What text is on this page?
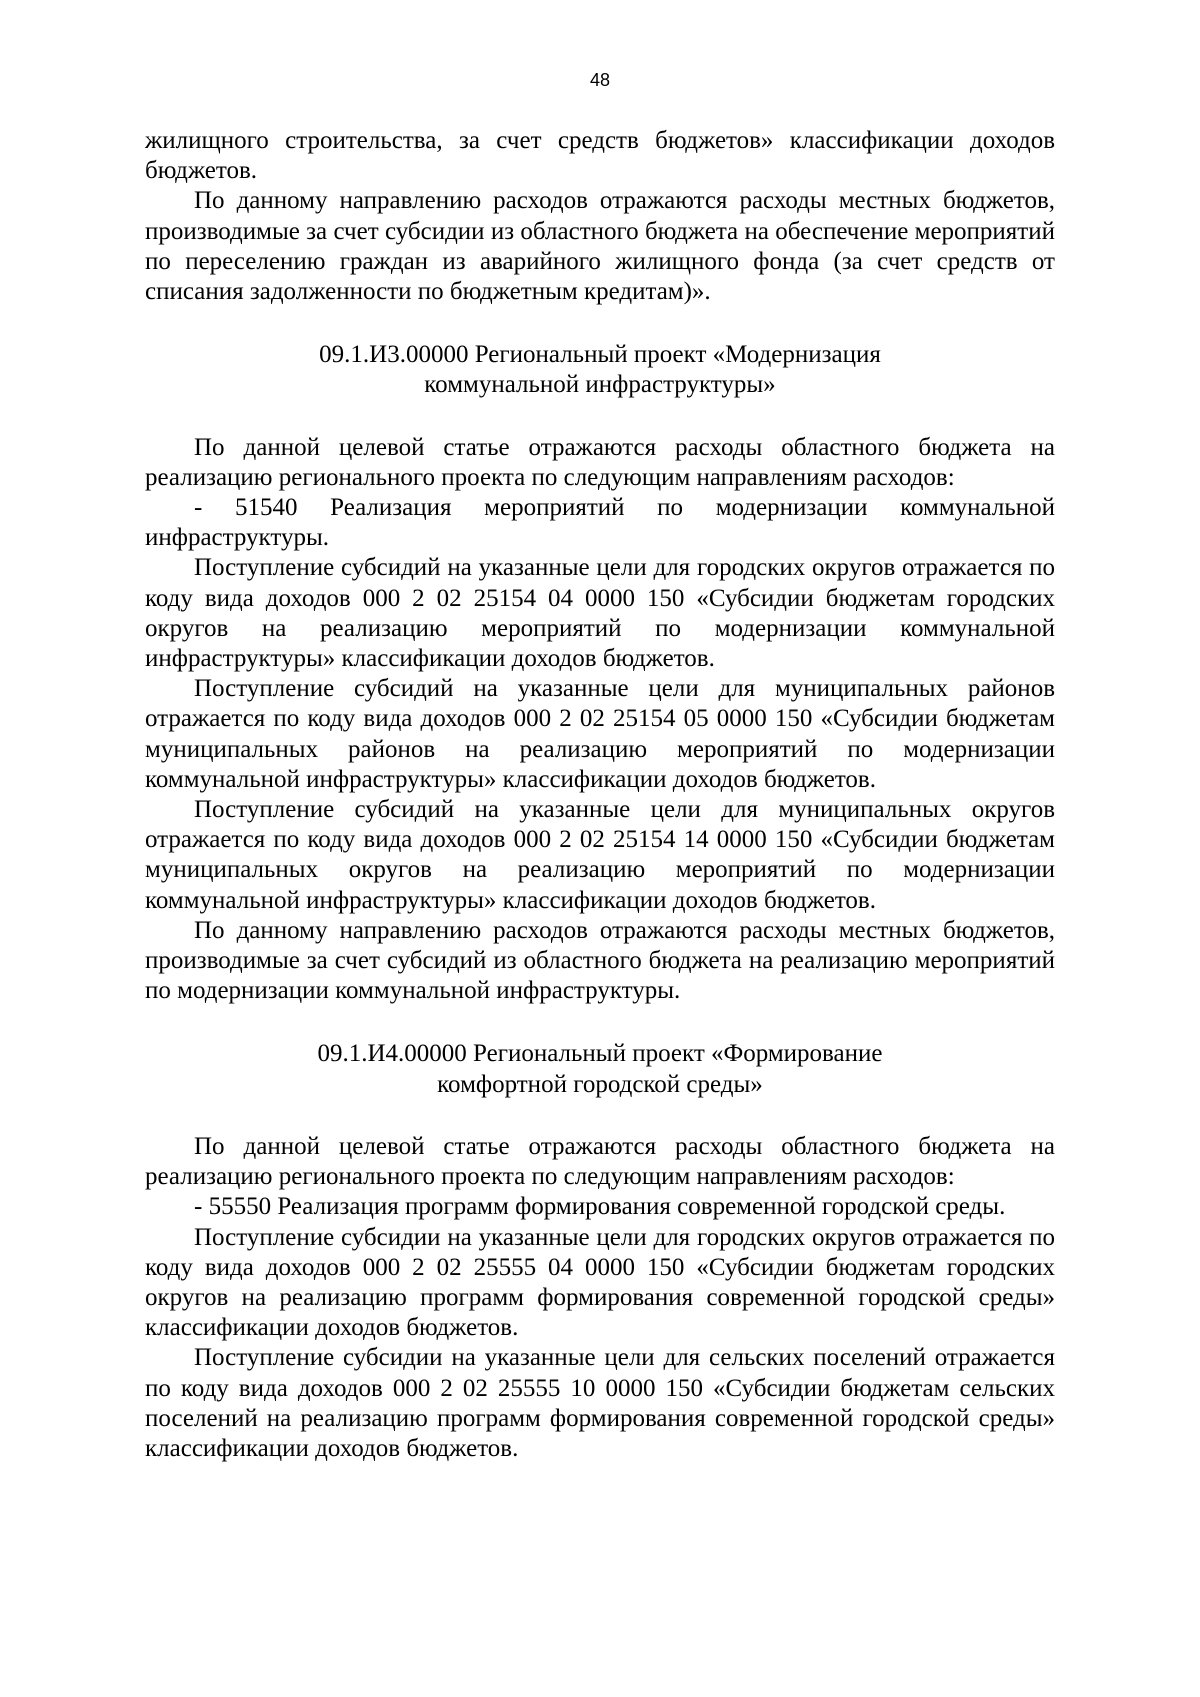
48

жилищного строительства, за счет средств бюджетов» классификации доходов бюджетов.

По данному направлению расходов отражаются расходы местных бюджетов, производимые за счет субсидии из областного бюджета на обеспечение мероприятий по переселению граждан из аварийного жилищного фонда (за счет средств от списания задолженности по бюджетным кредитам)».

09.1.И3.00000 Региональный проект «Модернизация
коммунальной инфраструктуры»

По данной целевой статье отражаются расходы областного бюджета на реализацию регионального проекта по следующим направлениям расходов:

- 51540 Реализация мероприятий по модернизации коммунальной инфраструктуры.

Поступление субсидий на указанные цели для городских округов отражается по коду вида доходов 000 2 02 25154 04 0000 150 «Субсидии бюджетам городских округов на реализацию мероприятий по модернизации коммунальной инфраструктуры» классификации доходов бюджетов.

Поступление субсидий на указанные цели для муниципальных районов отражается по коду вида доходов 000 2 02 25154 05 0000 150 «Субсидии бюджетам муниципальных районов на реализацию мероприятий по модернизации коммунальной инфраструктуры» классификации доходов бюджетов.

Поступление субсидий на указанные цели для муниципальных округов отражается по коду вида доходов 000 2 02 25154 14 0000 150 «Субсидии бюджетам муниципальных округов на реализацию мероприятий по модернизации коммунальной инфраструктуры» классификации доходов бюджетов.

По данному направлению расходов отражаются расходы местных бюджетов, производимые за счет субсидий из областного бюджета на реализацию мероприятий по модернизации коммунальной инфраструктуры.

09.1.И4.00000 Региональный проект «Формирование
комфортной городской среды»

По данной целевой статье отражаются расходы областного бюджета на реализацию регионального проекта по следующим направлениям расходов:

- 55550 Реализация программ формирования современной городской среды.

Поступление субсидии на указанные цели для городских округов отражается по коду вида доходов 000 2 02 25555 04 0000 150 «Субсидии бюджетам городских округов на реализацию программ формирования современной городской среды» классификации доходов бюджетов.

Поступление субсидии на указанные цели для сельских поселений отражается по коду вида доходов 000 2 02 25555 10 0000 150 «Субсидии бюджетам сельских поселений на реализацию программ формирования современной городской среды» классификации доходов бюджетов.
